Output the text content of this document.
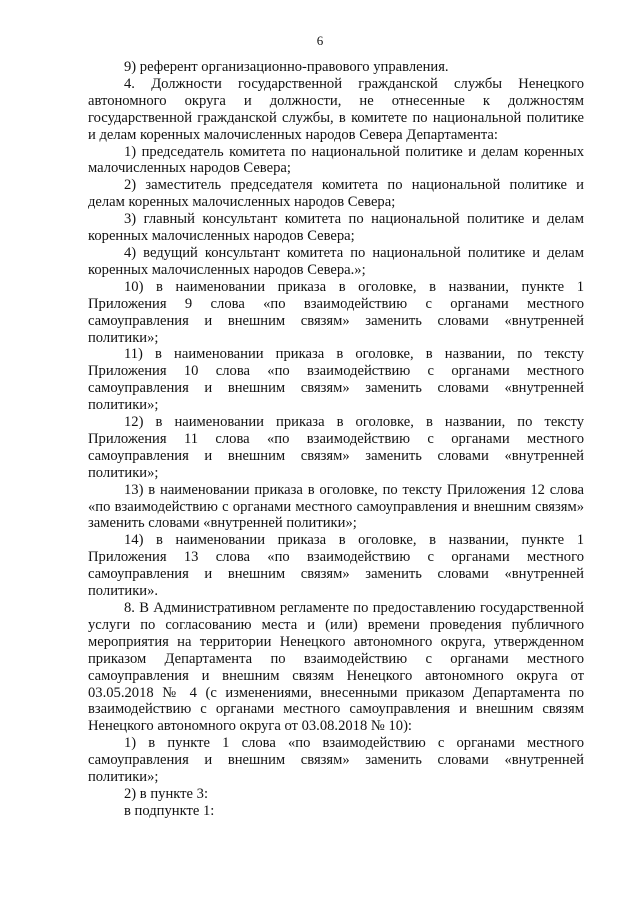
6

9) референт организационно-правового управления.

4. Должности государственной гражданской службы Ненецкого автономного округа и должности, не отнесенные к должностям государственной гражданской службы, в комитете по национальной политике и делам коренных малочисленных народов Севера Департамента:

1) председатель комитета по национальной политике и делам коренных малочисленных народов Севера;

2) заместитель председателя комитета по национальной политике и делам коренных малочисленных народов Севера;

3) главный консультант комитета по национальной политике и делам коренных малочисленных народов Севера;

4) ведущий консультант комитета по национальной политике и делам коренных малочисленных народов Севера.»;

10) в наименовании приказа в оголовке, в названии, пункте 1 Приложения 9 слова «по взаимодействию с органами местного самоуправления и внешним связям» заменить словами «внутренней политики»;

11) в наименовании приказа в оголовке, в названии, по тексту Приложения 10 слова «по взаимодействию с органами местного самоуправления и внешним связям» заменить словами «внутренней политики»;

12) в наименовании приказа в оголовке, в названии, по тексту Приложения 11 слова «по взаимодействию с органами местного самоуправления и внешним связям» заменить словами «внутренней политики»;

13) в наименовании приказа в оголовке, по тексту Приложения 12 слова «по взаимодействию с органами местного самоуправления и внешним связям» заменить словами «внутренней политики»;

14) в наименовании приказа в оголовке, в названии, пункте 1 Приложения 13 слова «по взаимодействию с органами местного самоуправления и внешним связям» заменить словами «внутренней политики».

8. В Административном регламенте по предоставлению государственной услуги по согласованию места и (или) времени проведения публичного мероприятия на территории Ненецкого автономного округа, утвержденном приказом Департамента по взаимодействию с органами местного самоуправления и внешним связям Ненецкого автономного округа от 03.05.2018 № 4 (с изменениями, внесенными приказом Департамента по взаимодействию с органами местного самоуправления и внешним связям Ненецкого автономного округа от 03.08.2018 № 10):

1) в пункте 1 слова «по взаимодействию с органами местного самоуправления и внешним связям» заменить словами «внутренней политики»;

2) в пункте 3:

в подпункте 1:
